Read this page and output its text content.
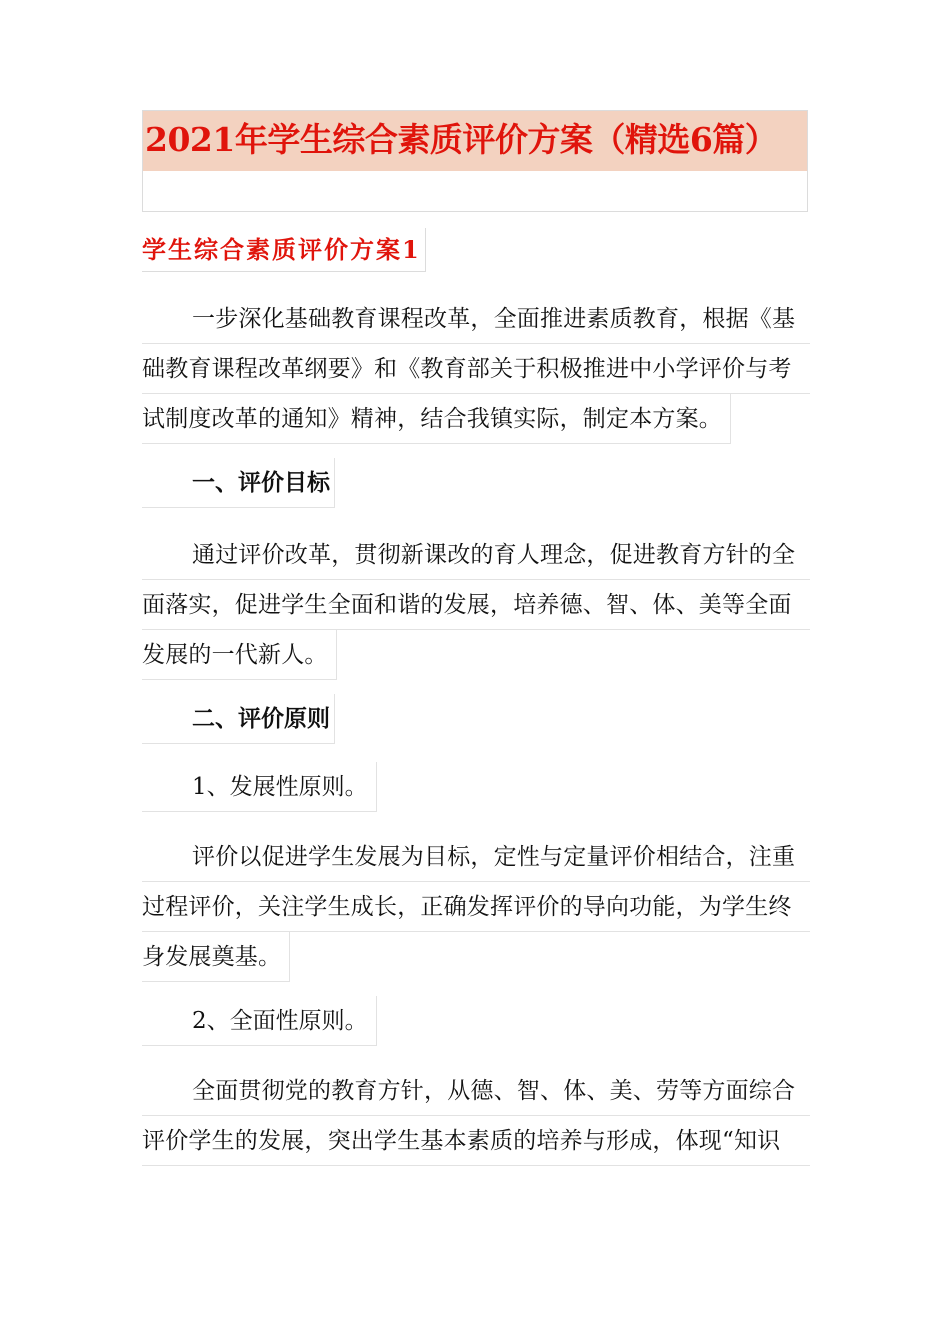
2021年学生综合素质评价方案（精选6篇）
学生综合素质评价方案1
一步深化基础教育课程改革，全面推进素质教育，根据《基
础教育课程改革纲要》和《教育部关于积极推进中小学评价与考
试制度改革的通知》精神，结合我镇实际，制定本方案。
一、评价目标
通过评价改革，贯彻新课改的育人理念，促进教育方针的全
面落实，促进学生全面和谐的发展，培养德、智、体、美等全面
发展的一代新人。
二、评价原则
1、发展性原则。
评价以促进学生发展为目标，定性与定量评价相结合，注重
过程评价，关注学生成长，正确发挥评价的导向功能，为学生终
身发展奠基。
2、全面性原则。
全面贯彻党的教育方针，从德、智、体、美、劳等方面综合
评价学生的发展，突出学生基本素质的培养与形成，体现“知识
